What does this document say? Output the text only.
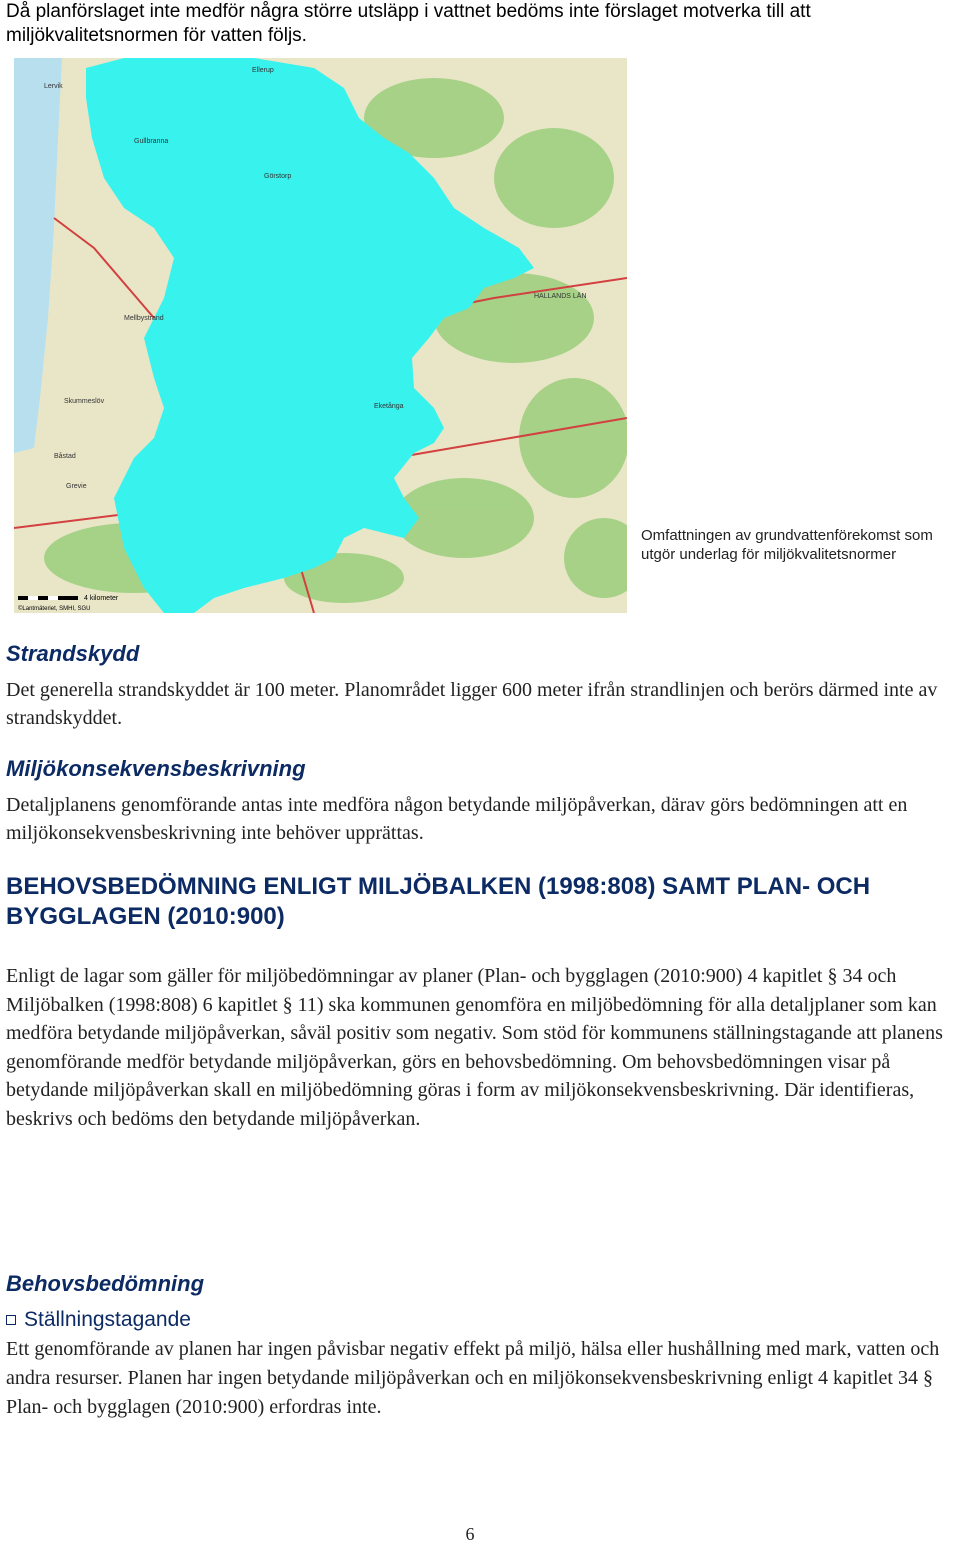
Då planförslaget inte medför några större utsläpp i vattnet bedöms inte förslaget motverka till att miljökvalitetsnormen för vatten följs.
Ellerup
Lervik
Gullbranna
Görstorp
Mellbystrand
Skummeslöv
Båstad
Grevie
Eketånga
HALLANDS LÄN
4 kilometer
©Lantmäteriet, SMHI, SGU
Omfattningen av grundvattenförekomst som utgör underlag för miljökvalitetsnormer
Strandskydd
Det generella strandskyddet är 100 meter. Planområdet ligger 600 meter ifrån strandlinjen och berörs därmed inte av strandskyddet.
Miljökonsekvensbeskrivning
Detaljplanens genomförande antas inte medföra någon betydande miljöpåverkan, därav görs bedömningen att en miljökonsekvensbeskrivning inte behöver upprättas.
BEHOVSBEDÖMNING ENLIGT MILJÖBALKEN (1998:808) SAMT PLAN- OCH BYGGLAGEN (2010:900)
Enligt de lagar som gäller för miljöbedömningar av planer (Plan- och bygglagen (2010:900) 4 kapitlet § 34 och Miljöbalken (1998:808) 6 kapitlet § 11) ska kommunen genomföra en miljöbedömning för alla detaljplaner som kan medföra betydande miljöpåverkan, såväl positiv som negativ. Som stöd för kommunens ställningstagande att planens genomförande medför betydande miljöpåverkan, görs en behovsbedömning. Om behovsbedömningen visar på betydande miljöpåverkan skall en miljöbedömning göras i form av miljökonsekvensbeskrivning. Där identifieras, beskrivs och bedöms den betydande miljöpåverkan.
Behovsbedömning
Ställningstagande
Ett genomförande av planen har ingen påvisbar negativ effekt på miljö, hälsa eller hushållning med mark, vatten och andra resurser. Planen har ingen betydande miljöpåverkan och en miljökonsekvensbeskrivning enligt 4 kapitlet 34 § Plan- och bygglagen (2010:900) erfordras inte.
6
